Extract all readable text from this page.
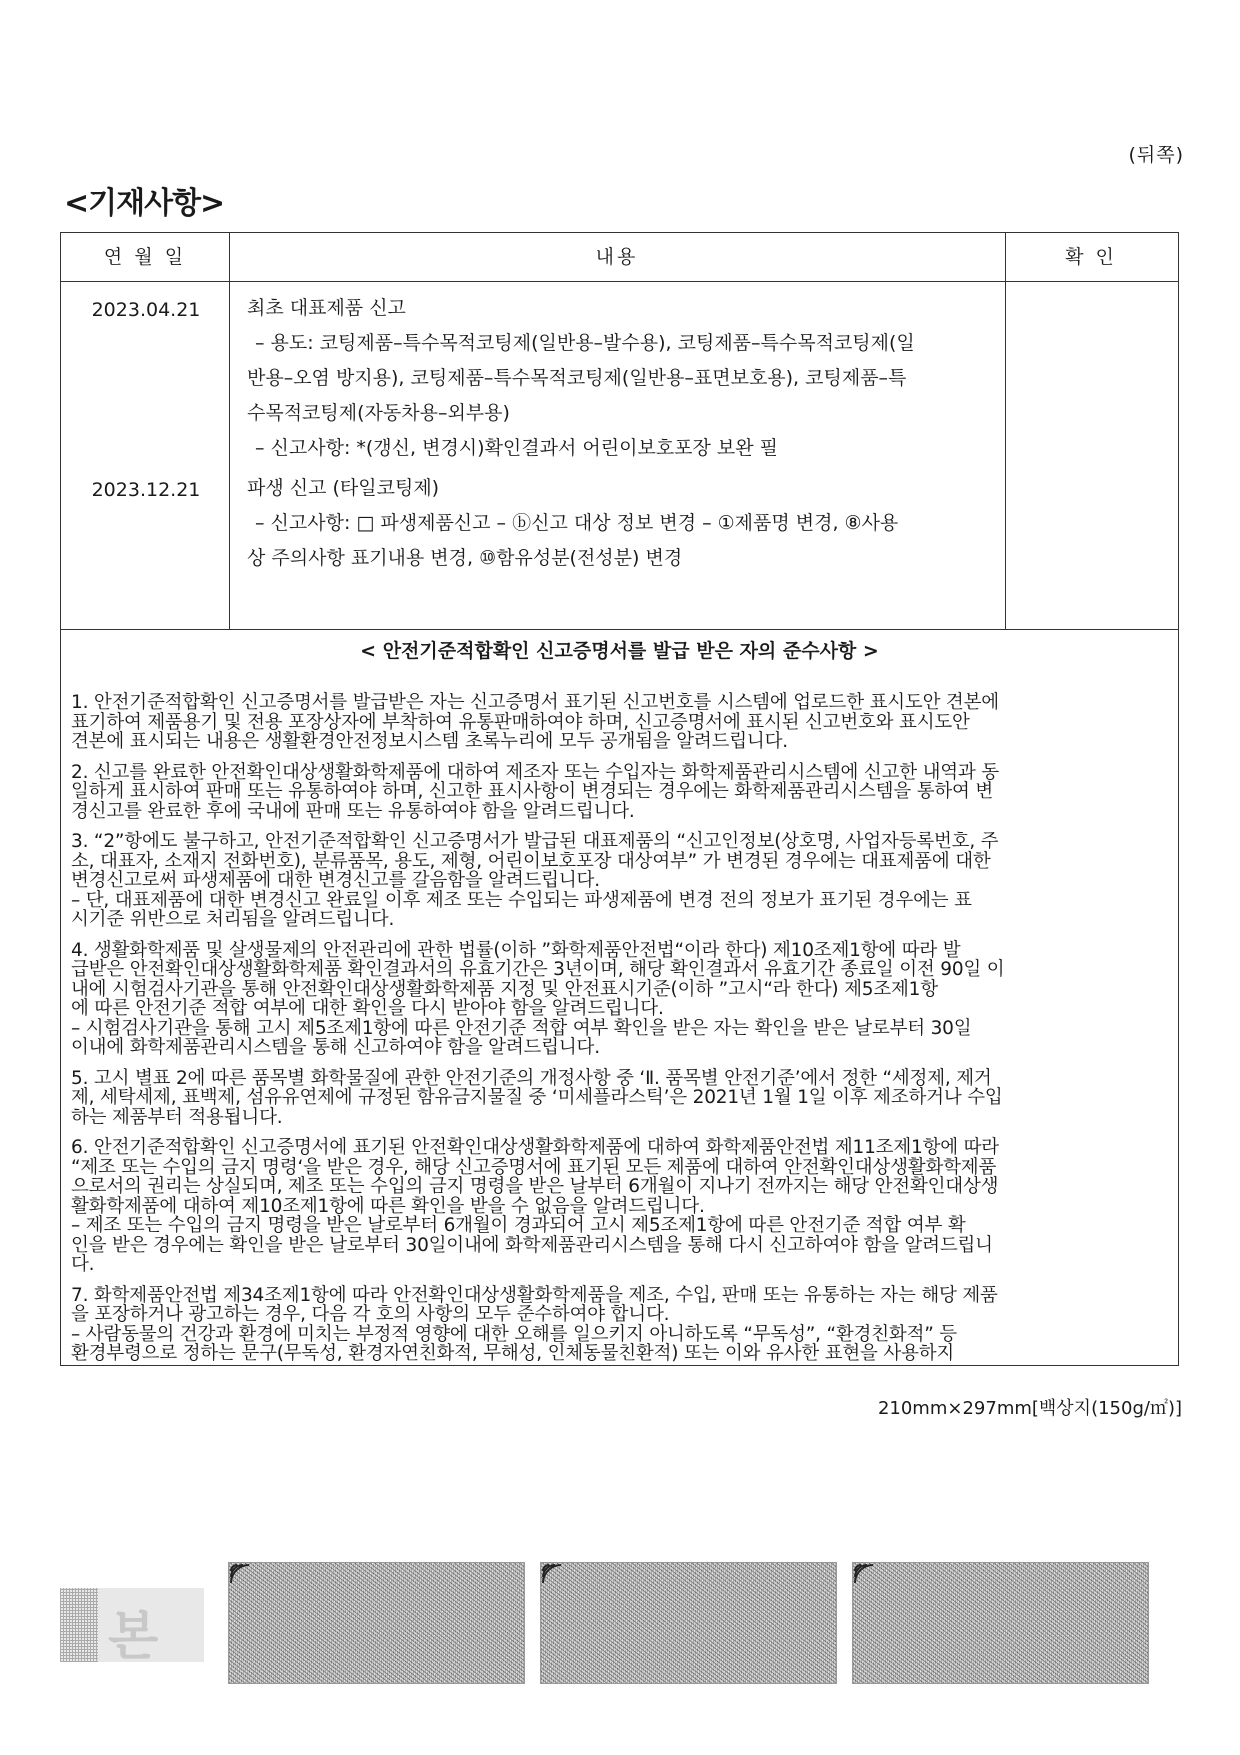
(뒤쪽)
<기재사항>
연 월 일	내용	확 인
2023.04.21	최초 대표제품 신고

– 용도: 코팅제품–특수목적코팅제(일반용–발수용), 코팅제품–특수목적코팅제(일

반용–오염 방지용), 코팅제품–특수목적코팅제(일반용–표면보호용), 코팅제품–특

수목적코팅제(자동차용–외부용)

– 신고사항: *(갱신, 변경시)확인결과서 어린이보호포장 보완 필

2023.12.21	파생 신고 (타일코팅제)

– 신고사항: □ 파생제품신고 – ⓑ신고 대상 정보 변경 – ①제품명 변경, ⑧사용

상 주의사항 표기내용 변경, ⑩함유성분(전성분) 변경

< 안전기준적합확인 신고증명서를 발급 받은 자의 준수사항 >

1. 안전기준적합확인 신고증명서를 발급받은 자는 신고증명서 표기된 신고번호를 시스템에 업로드한 표시도안 견본에

표기하여 제품용기 및 전용 포장상자에 부착하여 유통판매하여야 하며, 신고증명서에 표시된 신고번호와 표시도안

견본에 표시되는 내용은 생활환경안전정보시스템 초록누리에 모두 공개됨을 알려드립니다.

2. 신고를 완료한 안전확인대상생활화학제품에 대하여 제조자 또는 수입자는 화학제품관리시스템에 신고한 내역과 동

일하게 표시하여 판매 또는 유통하여야 하며, 신고한 표시사항이 변경되는 경우에는 화학제품관리시스템을 통하여 변

경신고를 완료한 후에 국내에 판매 또는 유통하여야 함을 알려드립니다.

3. “2”항에도 불구하고, 안전기준적합확인 신고증명서가 발급된 대표제품의 “신고인정보(상호명, 사업자등록번호, 주

소, 대표자, 소재지 전화번호), 분류품목, 용도, 제형, 어린이보호포장 대상여부” 가 변경된 경우에는 대표제품에 대한

변경신고로써 파생제품에 대한 변경신고를 갈음함을 알려드립니다.

– 단, 대표제품에 대한 변경신고 완료일 이후 제조 또는 수입되는 파생제품에 변경 전의 정보가 표기된 경우에는 표

시기준 위반으로 처리됨을 알려드립니다.

4. 생활화학제품 및 살생물제의 안전관리에 관한 법률(이하 ”화학제품안전법“이라 한다) 제10조제1항에 따라 발

급받은 안전확인대상생활화학제품 확인결과서의 유효기간은 3년이며, 해당 확인결과서 유효기간 종료일 이전 90일 이

내에 시험검사기관을 통해 안전확인대상생활화학제품 지정 및 안전표시기준(이하 ”고시“라 한다) 제5조제1항

에 따른 안전기준 적합 여부에 대한 확인을 다시 받아야 함을 알려드립니다.

– 시험검사기관을 통해 고시 제5조제1항에 따른 안전기준 적합 여부 확인을 받은 자는 확인을 받은 날로부터 30일

이내에 화학제품관리시스템을 통해 신고하여야 함을 알려드립니다.

5. 고시 별표 2에 따른 품목별 화학물질에 관한 안전기준의 개정사항 중 ‘Ⅱ. 품목별 안전기준’에서 정한 “세정제, 제거

제, 세탁세제, 표백제, 섬유유연제에 규정된 함유금지물질 중 ‘미세플라스틱’은 2021년 1월 1일 이후 제조하거나 수입

하는 제품부터 적용됩니다.

6. 안전기준적합확인 신고증명서에 표기된 안전확인대상생활화학제품에 대하여 화학제품안전법 제11조제1항에 따라

“제조 또는 수입의 금지 명령‘을 받은 경우, 해당 신고증명서에 표기된 모든 제품에 대하여 안전확인대상생활화학제품

으로서의 권리는 상실되며, 제조 또는 수입의 금지 명령을 받은 날부터 6개월이 지나기 전까지는 해당 안전확인대상생

활화학제품에 대하여 제10조제1항에 따른 확인을 받을 수 없음을 알려드립니다.

– 제조 또는 수입의 금지 명령을 받은 날로부터 6개월이 경과되어 고시 제5조제1항에 따른 안전기준 적합 여부 확

인을 받은 경우에는 확인을 받은 날로부터 30일이내에 화학제품관리시스템을 통해 다시 신고하여야 함을 알려드립니

다.

7. 화학제품안전법 제34조제1항에 따라 안전확인대상생활화학제품을 제조, 수입, 판매 또는 유통하는 자는 해당 제품

을 포장하거나 광고하는 경우, 다음 각 호의 사항의 모두 준수하여야 합니다.

– 사람동물의 건강과 환경에 미치는 부정적 영향에 대한 오해를 일으키지 아니하도록 “무독성”, “환경친화적” 등

환경부령으로 정하는 문구(무독성, 환경자연친화적, 무해성, 인체동물친환적) 또는 이와 유사한 표현을 사용하지

210mm×297mm[백상지(150g/㎡)]
본
